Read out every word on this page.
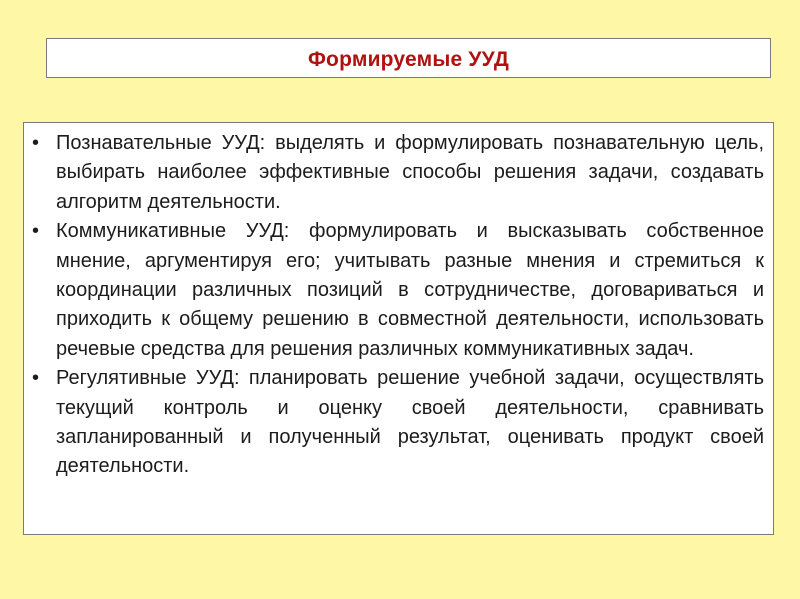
Формируемые УУД
• Познавательные УУД: выделять и формулировать познавательную цель, выбирать наиболее эффективные способы решения задачи, создавать алгоритм деятельности.
• Коммуникативные УУД: формулировать и высказывать собственное мнение, аргументируя его; учитывать разные мнения и стремиться к координации различных позиций в сотрудничестве, договариваться и приходить к общему решению в совместной деятельности, использовать речевые средства для решения различных коммуникативных задач.
• Регулятивные УУД: планировать решение учебной задачи, осуществлять текущий контроль и оценку своей деятельности, сравнивать запланированный и полученный результат, оценивать продукт своей деятельности.
